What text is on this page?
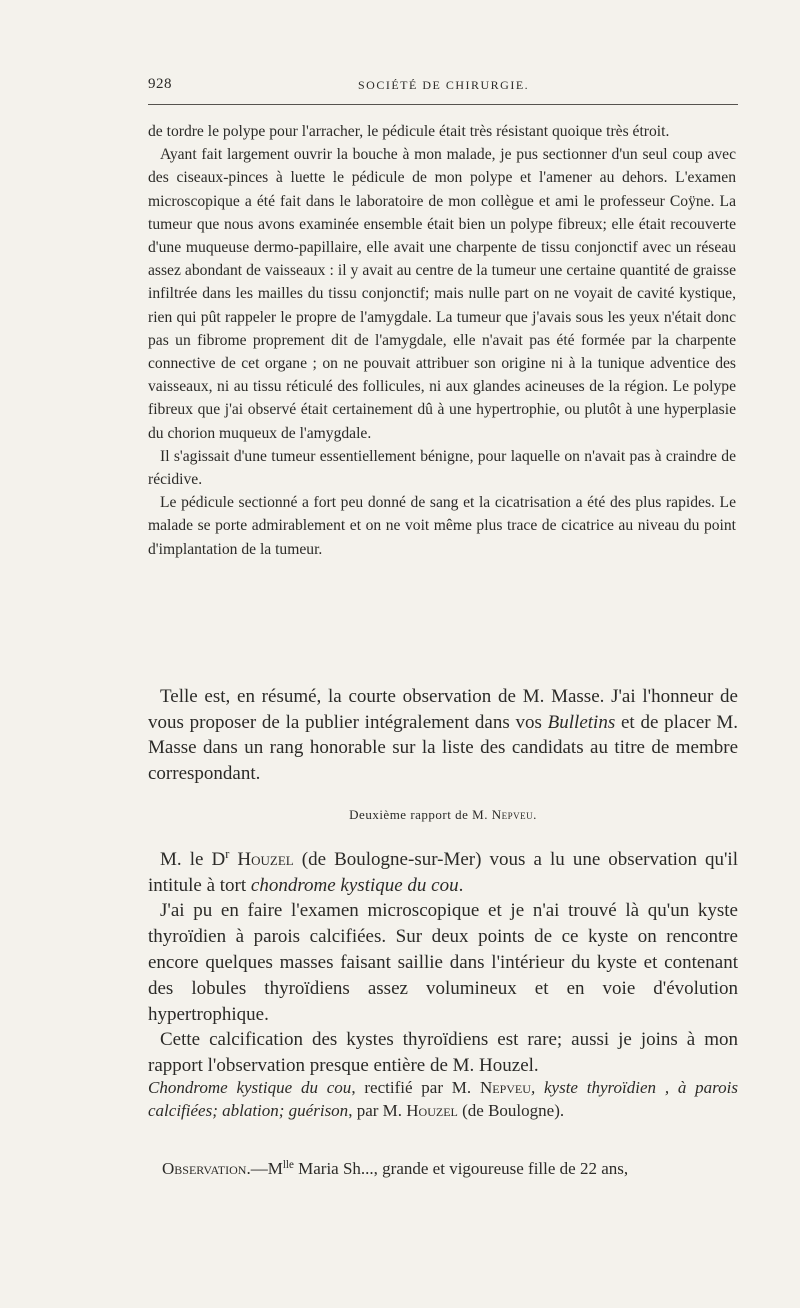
928	SOCIÉTÉ DE CHIRURGIE.

de tordre le polype pour l'arracher, le pédicule était très résistant quoique très étroit.

Ayant fait largement ouvrir la bouche à mon malade, je pus sectionner d'un seul coup avec des ciseaux-pinces à luette le pédicule de mon polype et l'amener au dehors. L'examen microscopique a été fait dans le laboratoire de mon collègue et ami le professeur Coÿne. La tumeur que nous avons examinée ensemble était bien un polype fibreux; elle était recouverte d'une muqueuse dermo-papillaire, elle avait une charpente de tissu conjonctif avec un réseau assez abondant de vaisseaux : il y avait au centre de la tumeur une certaine quantité de graisse infiltrée dans les mailles du tissu conjonctif; mais nulle part on ne voyait de cavité kystique, rien qui pût rappeler le propre de l'amygdale. La tumeur que j'avais sous les yeux n'était donc pas un fibrome proprement dit de l'amygdale, elle n'avait pas été formée par la charpente connective de cet organe ; on ne pouvait attribuer son origine ni à la tunique adventice des vaisseaux, ni au tissu réticulé des follicules, ni aux glandes acineuses de la région. Le polype fibreux que j'ai observé était certainement dû à une hypertrophie, ou plutôt à une hyperplasie du chorion muqueux de l'amygdale.

Il s'agissait d'une tumeur essentiellement bénigne, pour laquelle on n'avait pas à craindre de récidive.

Le pédicule sectionné a fort peu donné de sang et la cicatrisation a été des plus rapides. Le malade se porte admirablement et on ne voit même plus trace de cicatrice au niveau du point d'implantation de la tumeur.

Telle est, en résumé, la courte observation de M. Masse. J'ai l'honneur de vous proposer de la publier intégralement dans vos Bulletins et de placer M. Masse dans un rang honorable sur la liste des candidats au titre de membre correspondant.

Deuxième rapport de M. Nepveu.

M. le $D^r$ Houzel (de Boulogne-sur-Mer) vous a lu une observation qu'il intitule à tort chondrome kystique du cou.

J'ai pu en faire l'examen microscopique et je n'ai trouvé là qu'un kyste thyroïdien à parois calcifiées. Sur deux points de ce kyste on rencontre encore quelques masses faisant saillie dans l'intérieur du kyste et contenant des lobules thyroïdiens assez volumineux et en voie d'évolution hypertrophique.

Cette calcification des kystes thyroïdiens est rare; aussi je joins à mon rapport l'observation presque entière de M. Houzel.

Chondrome kystique du cou, rectifié par M. Nepveu, kyste thyroïdien , à parois calcifiées; ablation; guérison, par M. Houzel (de Boulogne).
$Observation.—M^{lle}$ Maria Sh..., grande et vigoureuse fille de 22 ans,
